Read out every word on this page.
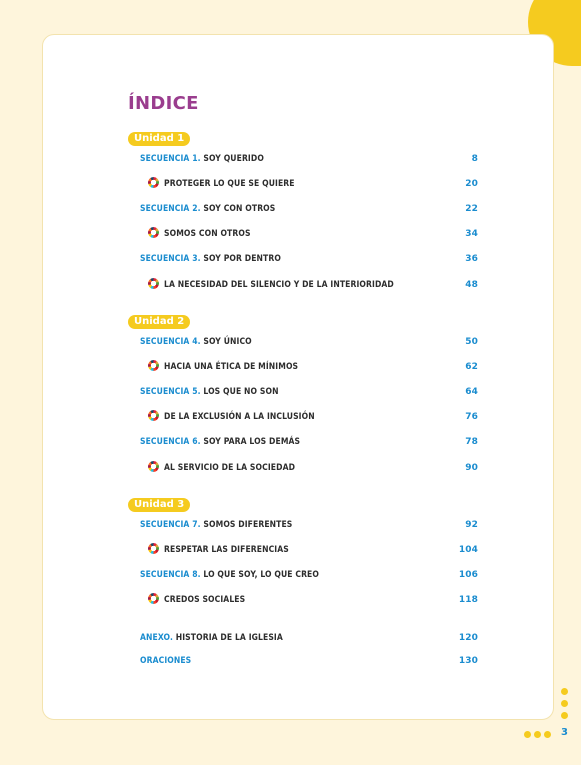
ÍNDICE
Unidad 1
SECUENCIA 1. SOY QUERIDO	8
PROTEGER LO QUE SE QUIERE	20
SECUENCIA 2. SOY CON OTROS	22
SOMOS CON OTROS	34
SECUENCIA 3. SOY POR DENTRO	36
LA NECESIDAD DEL SILENCIO Y DE LA INTERIORIDAD	48
Unidad 2
SECUENCIA 4. SOY ÚNICO	50
HACIA UNA ÉTICA DE MÍNIMOS	62
SECUENCIA 5. LOS QUE NO SON	64
DE LA EXCLUSIÓN A LA INCLUSIÓN	76
SECUENCIA 6. SOY PARA LOS DEMÁS	78
AL SERVICIO DE LA SOCIEDAD	90
Unidad 3
SECUENCIA 7. SOMOS DIFERENTES	92
RESPETAR LAS DIFERENCIAS	104
SECUENCIA 8. LO QUE SOY, LO QUE CREO	106
CREDOS SOCIALES	118
ANEXO. HISTORIA DE LA IGLESIA	120
ORACIONES	130
3
